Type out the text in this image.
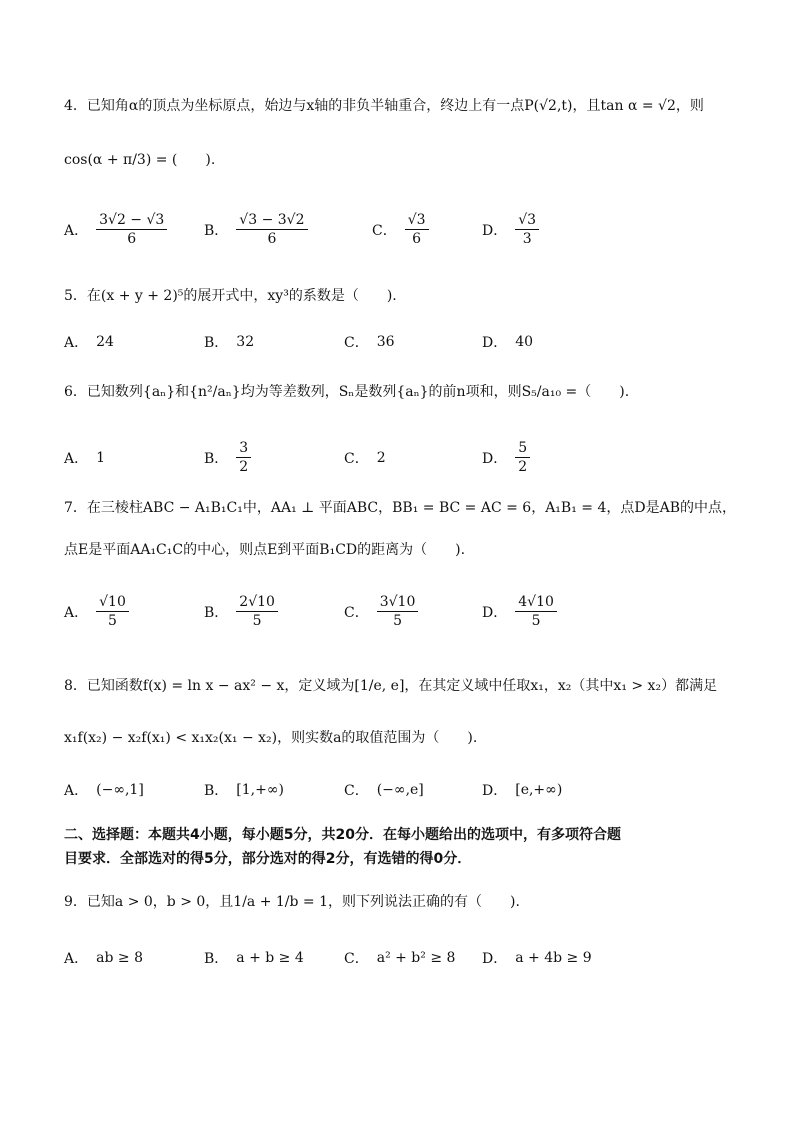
4．已知角α的顶点为坐标原点，始边与x轴的非负半轴重合，终边上有一点P(√2,t)，且tan α = √2，则
cos(α + π/3) = (　　).
A． $\frac{3√2 - √3}{6}$	B． $\frac{√3 - 3√2}{6}$	C． $\frac{√3}{6}$	D． $\frac{√3}{3}$
5．在(x + y + 2)⁵的展开式中，xy³的系数是（　　).
A． 24	B． 32	C． 36	D． 40
6．已知数列{aₙ}和{n²/aₙ}均为等差数列，Sₙ是数列{aₙ}的前n项和，则S₅/a₁₀ =（　　).
A． 1	B． $\frac{3}{2}$	C． 2	D． $\frac{5}{2}$
7．在三棱柱ABC − A₁B₁C₁中，AA₁ ⊥ 平面ABC，BB₁ = BC = AC = 6，A₁B₁ = 4，点D是AB的中点，
点E是平面AA₁C₁C的中心，则点E到平面B₁CD的距离为（　　).
A． $\frac{√10}{5}$	B． $\frac{2√10}{5}$	C． $\frac{3√10}{5}$	D． $\frac{4√10}{5}$
8．已知函数f(x) = ln x − ax² − x，定义域为[1/e, e]，在其定义域中任取x₁，x₂（其中x₁ > x₂）都满足
x₁f(x₂) − x₂f(x₁) < x₁x₂(x₁ − x₂)，则实数a的取值范围为（　　).
A． (−∞,1]	B． [1,+∞)	C． (−∞,e]	D． [e,+∞)
二、选择题：本题共4小题，每小题5分，共20分．在每小题给出的选项中，有多项符合题
目要求．全部选对的得5分，部分选对的得2分，有选错的得0分．
9．已知a > 0，b > 0，且1/a + 1/b = 1，则下列说法正确的有（　　).
A． ab ≥ 8	B． a + b ≥ 4	C． a² + b² ≥ 8 D． a + 4b ≥ 9
